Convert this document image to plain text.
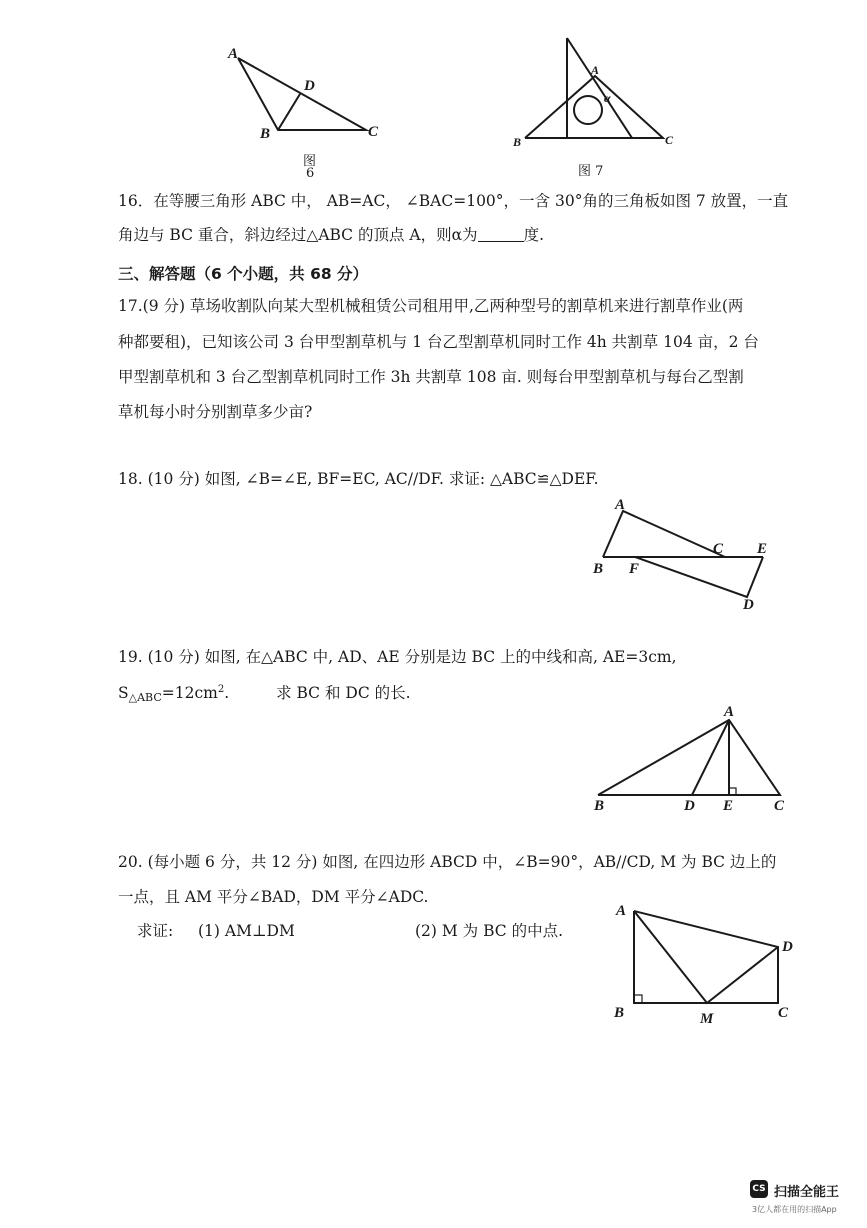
A
D
B	C
图
6
A
α
B	C
图 7
16．在等腰三角形 ABC 中， AB=AC， ∠BAC=100°，一含 30°角的三角板如图 7 放置，一直
角边与 BC 重合，斜边经过△ABC 的顶点 A，则α为	度.
三、解答题（6 个小题，共 68 分）
17.(9 分) 草场收割队向某大型机械租赁公司租用甲,乙两种型号的割草机来进行割草作业(两
种都要租)，已知该公司 3 台甲型割草机与 1 台乙型割草机同时工作 4h 共割草 104 亩，2 台
甲型割草机和 3 台乙型割草机同时工作 3h 共割草 108 亩. 则每台甲型割草机与每台乙型割
草机每小时分别割草多少亩?
18. (10 分) 如图, ∠B=∠E, BF=EC, AC//DF. 求证: △ABC≌△DEF.
A
B F
C E
D
19. (10 分) 如图, 在△ABC 中, AD、AE 分别是边 BC 上的中线和高, AE=3cm,
$S_{\triangle ABC}=12cm^2$.	求 BC 和 DC 的长.
A
B	D E	C
20. (每小题 6 分，共 12 分) 如图, 在四边形 ABCD 中，∠B=90°，AB//CD, M 为 BC 边上的
一点，且 AM 平分∠BAD，DM 平分∠ADC.
求证: (1) AM⊥DM	(2) M 为 BC 的中点.
A
D
B	M	C
CS 扫描全能王
3亿人都在用的扫描App
